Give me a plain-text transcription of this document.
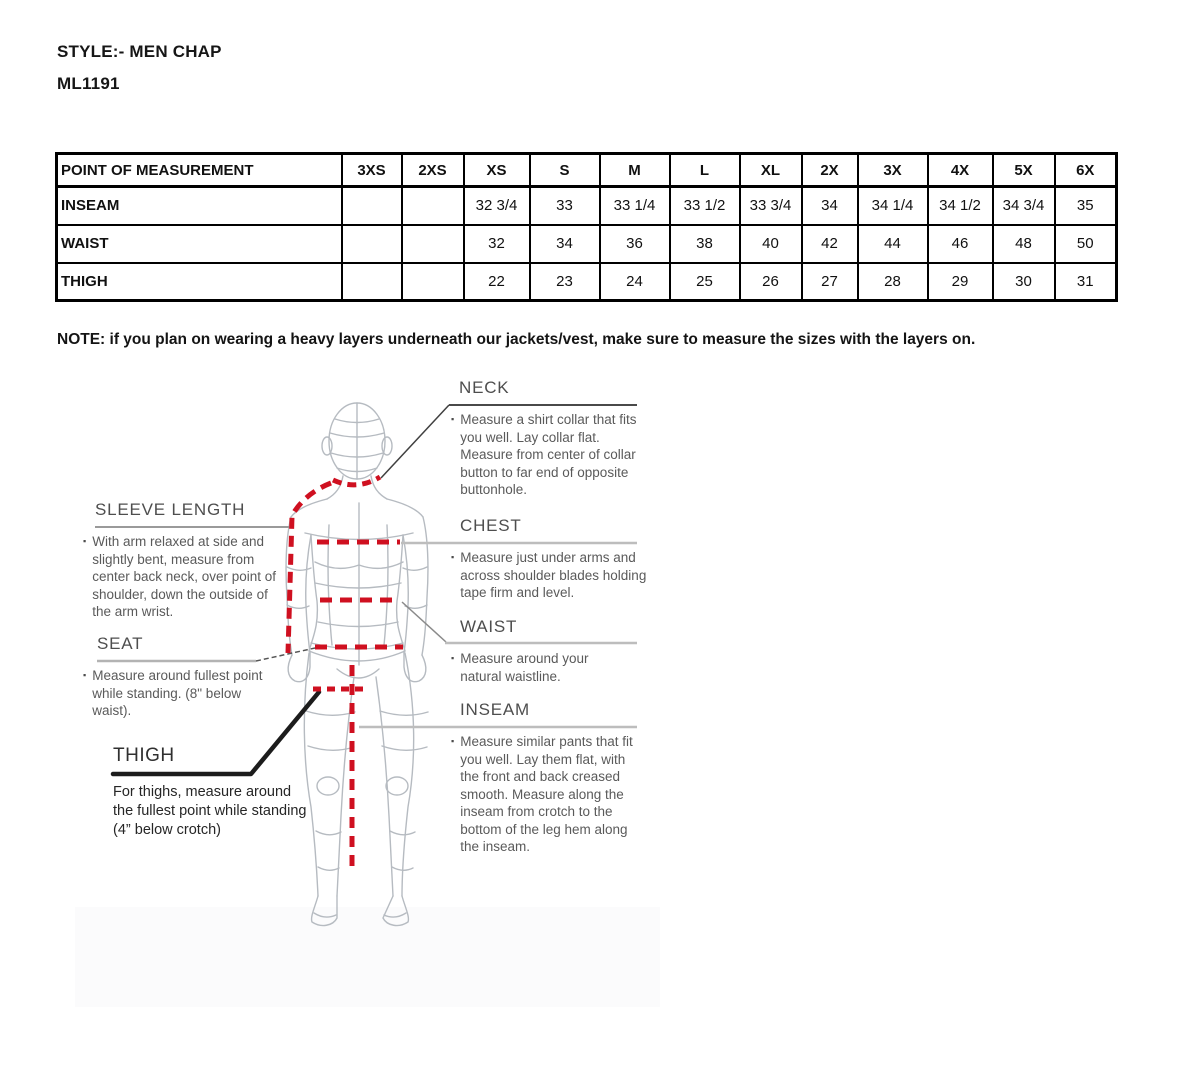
STYLE:- MEN CHAP
ML1191
POINT OF MEASUREMENT	3XS	2XS	XS	S	M	L	XL	2X	3X	4X	5X	6X
INSEAM			32 3/4	33	33 1/4	33 1/2	33 3/4	34	34 1/4	34 1/2	34 3/4	35
WAIST			32	34	36	38	40	42	44	46	48	50
THIGH			22	23	24	25	26	27	28	29	30	31
NOTE: if you plan on wearing a heavy layers underneath our jackets/vest, make sure to measure the sizes with the layers on.
NECK
▪ Measure a shirt collar that fits you well. Lay collar flat. Measure from center of collar button to far end of opposite buttonhole.

CHEST
▪ Measure just under arms and across shoulder blades holding tape firm and level.

WAIST
▪ Measure around your natural waistline.

INSEAM
▪ Measure similar pants that fit you well. Lay them flat, with the front and back creased smooth. Measure along the inseam from crotch to the bottom of the leg hem along the inseam.

SLEEVE LENGTH
▪ With arm relaxed at side and slightly bent, measure from center back neck, over point of shoulder, down the outside of the arm wrist.

SEAT
▪ Measure around fullest point while standing. (8" below waist).

THIGH

For thighs, measure around the fullest point while standing (4” below crotch)
